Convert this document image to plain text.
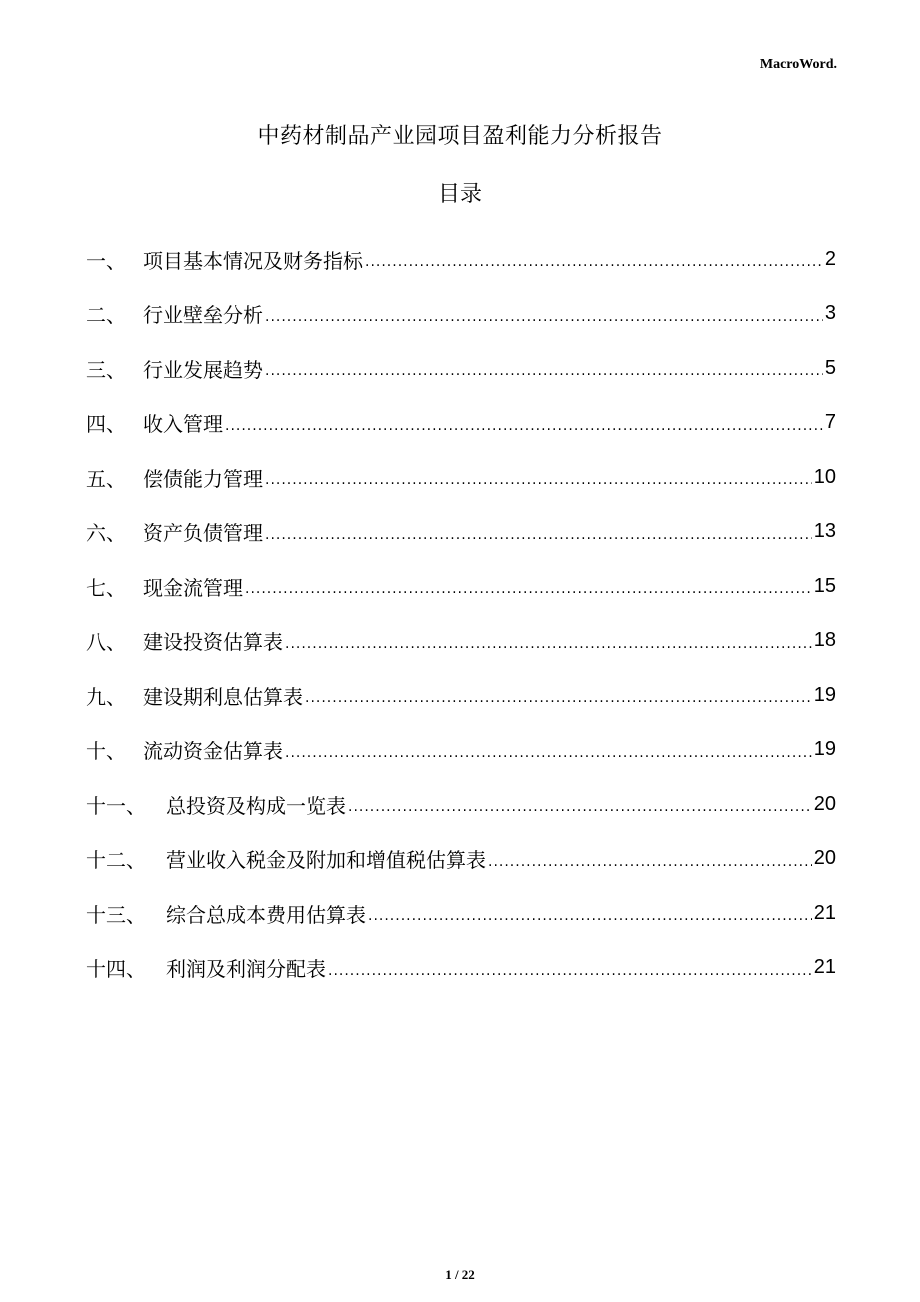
MacroWord.
中药材制品产业园项目盈利能力分析报告
目录
一、 项目基本情况及财务指标 .....	2
二、 行业壁垒分析 .....	3
三、 行业发展趋势 .....	5
四、 收入管理 .....	7
五、 偿债能力管理 .....	10
六、 资产负债管理 .....	13
七、 现金流管理 .....	15
八、 建设投资估算表 .....	18
九、 建设期利息估算表 .....	19
十、 流动资金估算表 .....	19
十一、	总投资及构成一览表 .....	20
十二、	营业收入税金及附加和增值税估算表 .....	20
十三、	综合总成本费用估算表 .....	21
十四、	利润及利润分配表 .....	21
1 / 22
